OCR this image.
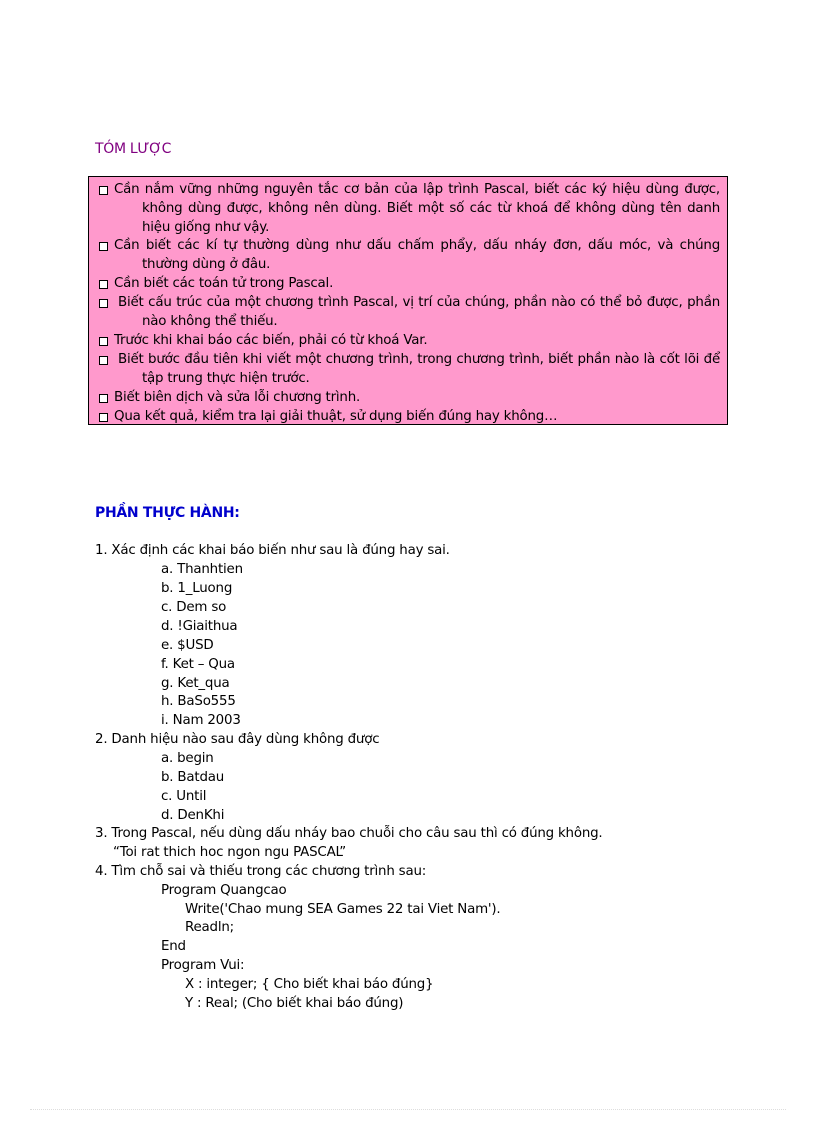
TÓM LƯỢC
Cần nắm vững những nguyên tắc cơ bản của lập trình Pascal, biết các ký hiệu dùng được,
không dùng được, không nên dùng. Biết một số các từ khoá để không dùng tên danh
hiệu giống như vậy.
Cần biết các kí tự thường dùng như dấu chấm phẩy, dấu nháy đơn, dấu móc, và chúng
thường dùng ở đâu.
Cần biết các toán tử trong Pascal.
Biết cấu trúc của một chương trình Pascal, vị trí của chúng, phần nào có thể bỏ được, phần
nào không thể thiếu.
Trước khi khai báo các biến, phải có từ khoá Var.
Biết bước đầu tiên khi viết một chương trình, trong chương trình, biết phần nào là cốt lõi để
tập trung thực hiện trước.
Biết biên dịch và sửa lỗi chương trình.
Qua kết quả, kiểm tra lại giải thuật, sử dụng biến đúng hay không…
PHẦN THỰC HÀNH:
1. Xác định các khai báo biến như sau là đúng hay sai.
a. Thanhtien
b. 1_Luong
c. Dem so
d. !Giaithua
e. $USD
f. Ket – Qua
g. Ket_qua
h. BaSo555
i. Nam 2003
2. Danh hiệu nào sau đây dùng không được
a. begin
b. Batdau
c. Until
d. DenKhi
3. Trong Pascal, nếu dùng dấu nháy bao chuỗi cho câu sau thì có đúng không.
“Toi rat thich hoc ngon ngu PASCAL”
4. Tìm chỗ sai và thiếu trong các chương trình sau:
Program Quangcao
Write('Chao mung SEA Games 22 tai Viet Nam').
Readln;
End
Program Vui:
X : integer; { Cho biết khai báo đúng}
Y : Real; (Cho biết khai báo đúng)
